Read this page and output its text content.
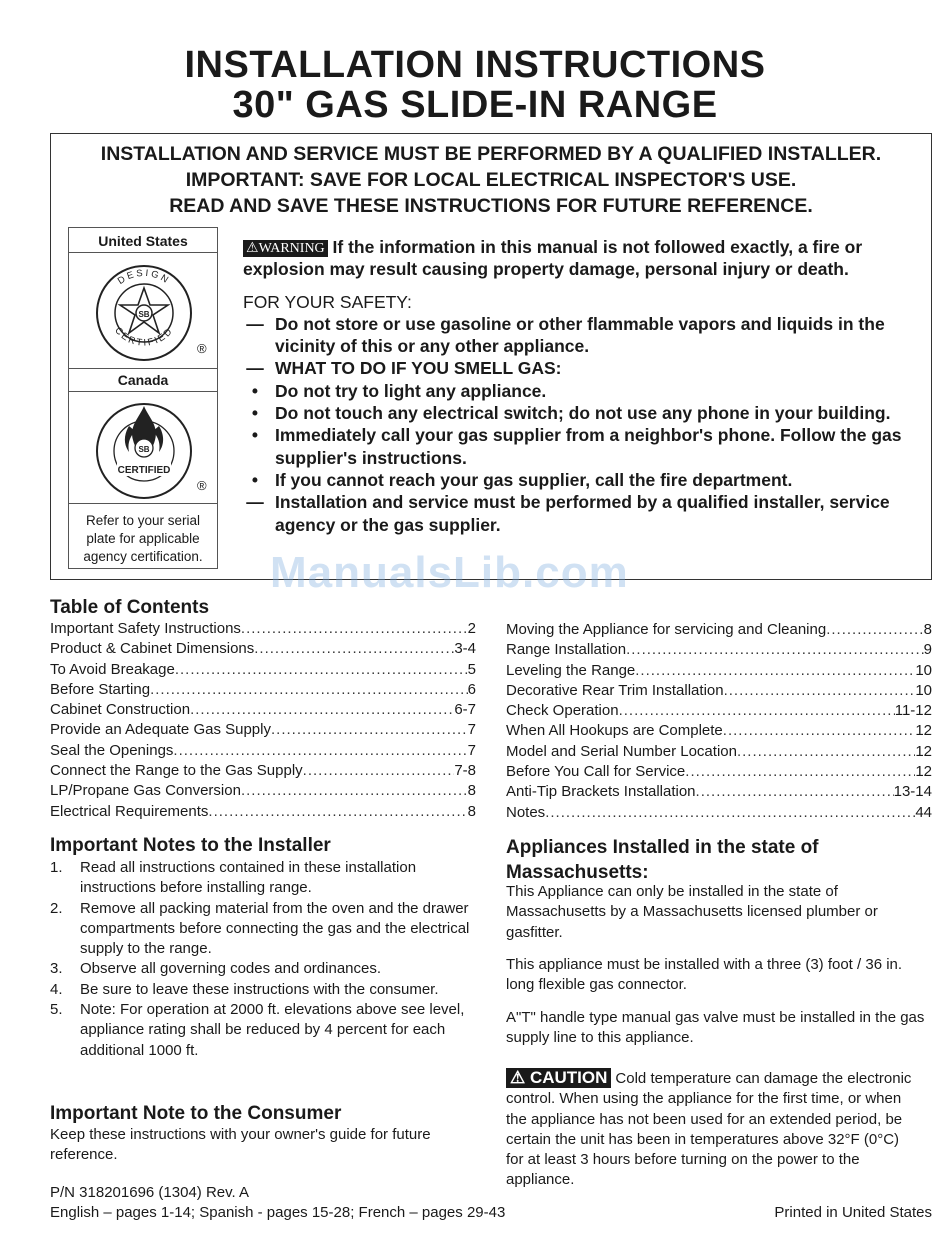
INSTALLATION INSTRUCTIONS
30" GAS SLIDE-IN RANGE
INSTALLATION AND SERVICE MUST BE PERFORMED BY A QUALIFIED INSTALLER.
IMPORTANT: SAVE FOR LOCAL ELECTRICAL INSPECTOR'S USE.
READ AND SAVE THESE INSTRUCTIONS FOR FUTURE REFERENCE.
United States
SB
DESIGN
CERTIFIED
®
Canada
SB
CERTIFIED
®
Refer to your serial plate for applicable agency certification.
⚠WARNING If the information in this manual is not followed exactly, a fire or explosion may result causing property damage, personal injury or death.
FOR YOUR SAFETY:
— Do not store or use gasoline or other flammable vapors and liquids in the vicinity of this or any other appliance.
— WHAT TO DO IF YOU SMELL GAS:
• Do not try to light any appliance.
• Do not touch any electrical switch; do not use any phone in your building.
• Immediately call your gas supplier from a neighbor's phone. Follow the gas supplier's instructions.
• If you cannot reach your gas supplier, call the fire department.
— Installation and service must be performed by a qualified installer, service agency or the gas supplier.
ManualsLib.com
Table of Contents
Important Safety Instructions .....	2
Product & Cabinet Dimensions .....	3-4
To Avoid Breakage .....	5
Before Starting .....	6
Cabinet Construction .....	6-7
Provide an Adequate Gas Supply .....	7
Seal the Openings .....	7
Connect the Range to the Gas Supply .....	7-8
LP/Propane Gas Conversion .....	8
Electrical Requirements .....	8
Moving the Appliance for servicing and Cleaning .....	8
Range Installation .....	9
Leveling the Range .....	10
Decorative Rear Trim Installation .....	10
Check Operation .....	11-12
When All Hookups are Complete .....	12
Model and Serial Number Location .....	12
Before You Call for Service .....	12
Anti-Tip Brackets Installation .....	13-14
Notes .....	44
Important Notes to the Installer
1. Read all instructions contained in these installation instructions before installing range.
2. Remove all packing material from the oven and the drawer compartments before connecting the gas and the electrical supply to the range.
3. Observe all governing codes and ordinances.
4. Be sure to leave these instructions with the consumer.
5. Note: For operation at 2000 ft. elevations above see level, appliance rating shall be reduced by 4 percent for each additional 1000 ft.
Important Note to the Consumer
Keep these instructions with your owner's guide for future reference.
Appliances Installed in the state of Massachusetts:
This Appliance can only be installed in the state of Massachusetts by a Massachusetts licensed plumber or gasfitter.
This appliance must be installed with a three (3) foot / 36 in. long flexible gas connector.
A"T" handle type manual gas valve must be installed in the gas supply line to this appliance.
⚠ CAUTION Cold temperature can damage the electronic control. When using the appliance for the first time, or when the appliance has not been used for an extended period, be certain the unit has been in temperatures above 32°F (0°C) for at least 3 hours before turning on the power to the appliance.
P/N 318201696 (1304) Rev. A
English – pages 1-14; Spanish - pages 15-28; French – pages 29-43	Printed in United States
